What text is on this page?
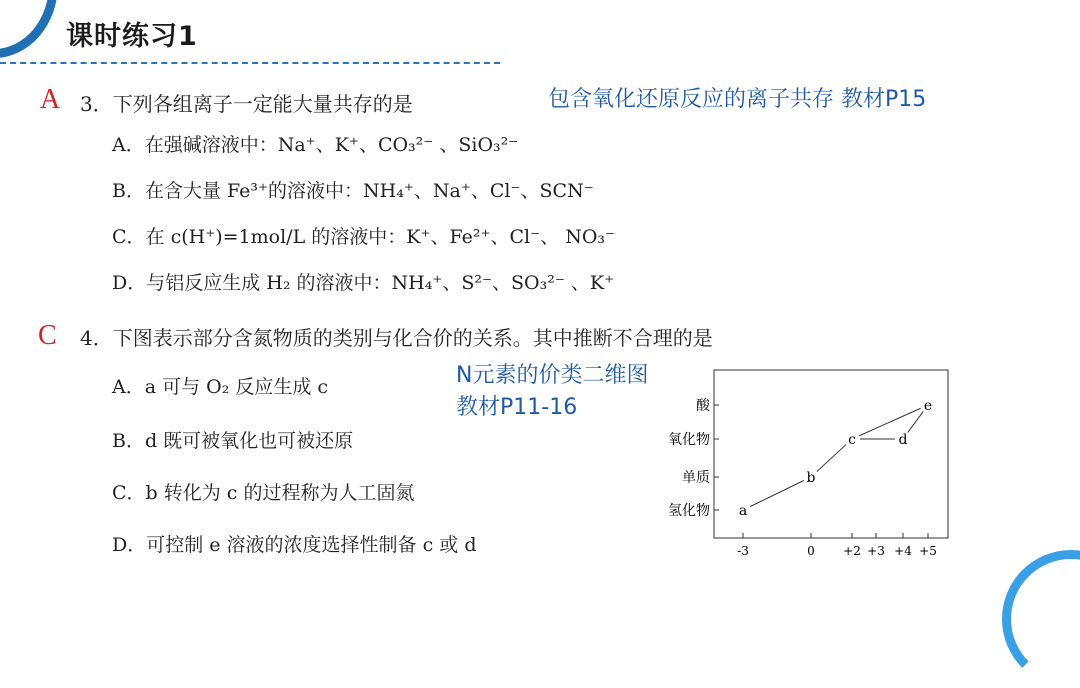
课时练习1
A 3．下列各组离子一定能大量共存的是	包含氧化还原反应的离子共存 教材P15
A．在强碱溶液中：Na⁺、K⁺、CO₃²⁻ 、SiO₃²⁻
B．在含大量 Fe³⁺的溶液中：NH₄⁺、Na⁺、Cl⁻、SCN⁻
C．在 c(H⁺)=1mol/L 的溶液中：K⁺、Fe²⁺、Cl⁻、 NO₃⁻
D．与铝反应生成 H₂ 的溶液中：NH₄⁺、S²⁻、SO₃²⁻ 、K⁺
C 4．下图表示部分含氮物质的类别与化合价的关系。其中推断不合理的是
N元素的价类二维图
教材P11-16
A．a 可与 O₂ 反应生成 c
B．d 既可被氧化也可被还原
C．b 转化为 c 的过程称为人工固氮
D．可控制 e 溶液的浓度选择性制备 c 或 d	-3	0 +2 +3 +4 +5
氢化物
单质
氧化物
酸
a
b
c	d
e
